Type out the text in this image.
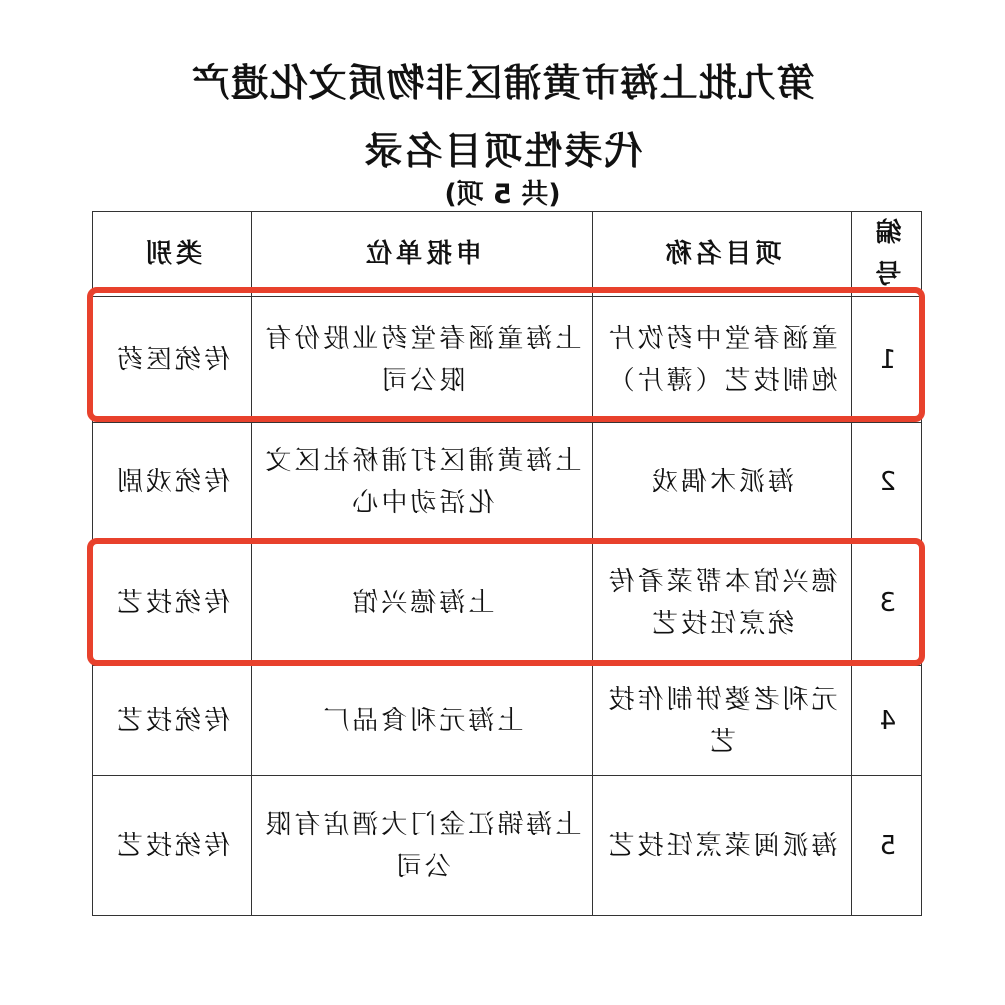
第九批上海市黄浦区非物质文化遗产
代表性项目名录
(共 5 项)
编
号	项目名称	申报单位	类别
1	童涵春堂中药饮片炮制技艺（薄片）	上海童涵春堂药业股份有限公司	传统医药
2	海派木偶戏	上海黄浦区打浦桥社区文化活动中心	传统戏剧
3	德兴馆本帮菜肴传统烹饪技艺	上海德兴馆	传统技艺
4	元利老婆饼制作技艺	上海元利食品厂	传统技艺
5	海派闽菜烹饪技艺	上海锦江金门大酒店有限公司	传统技艺
